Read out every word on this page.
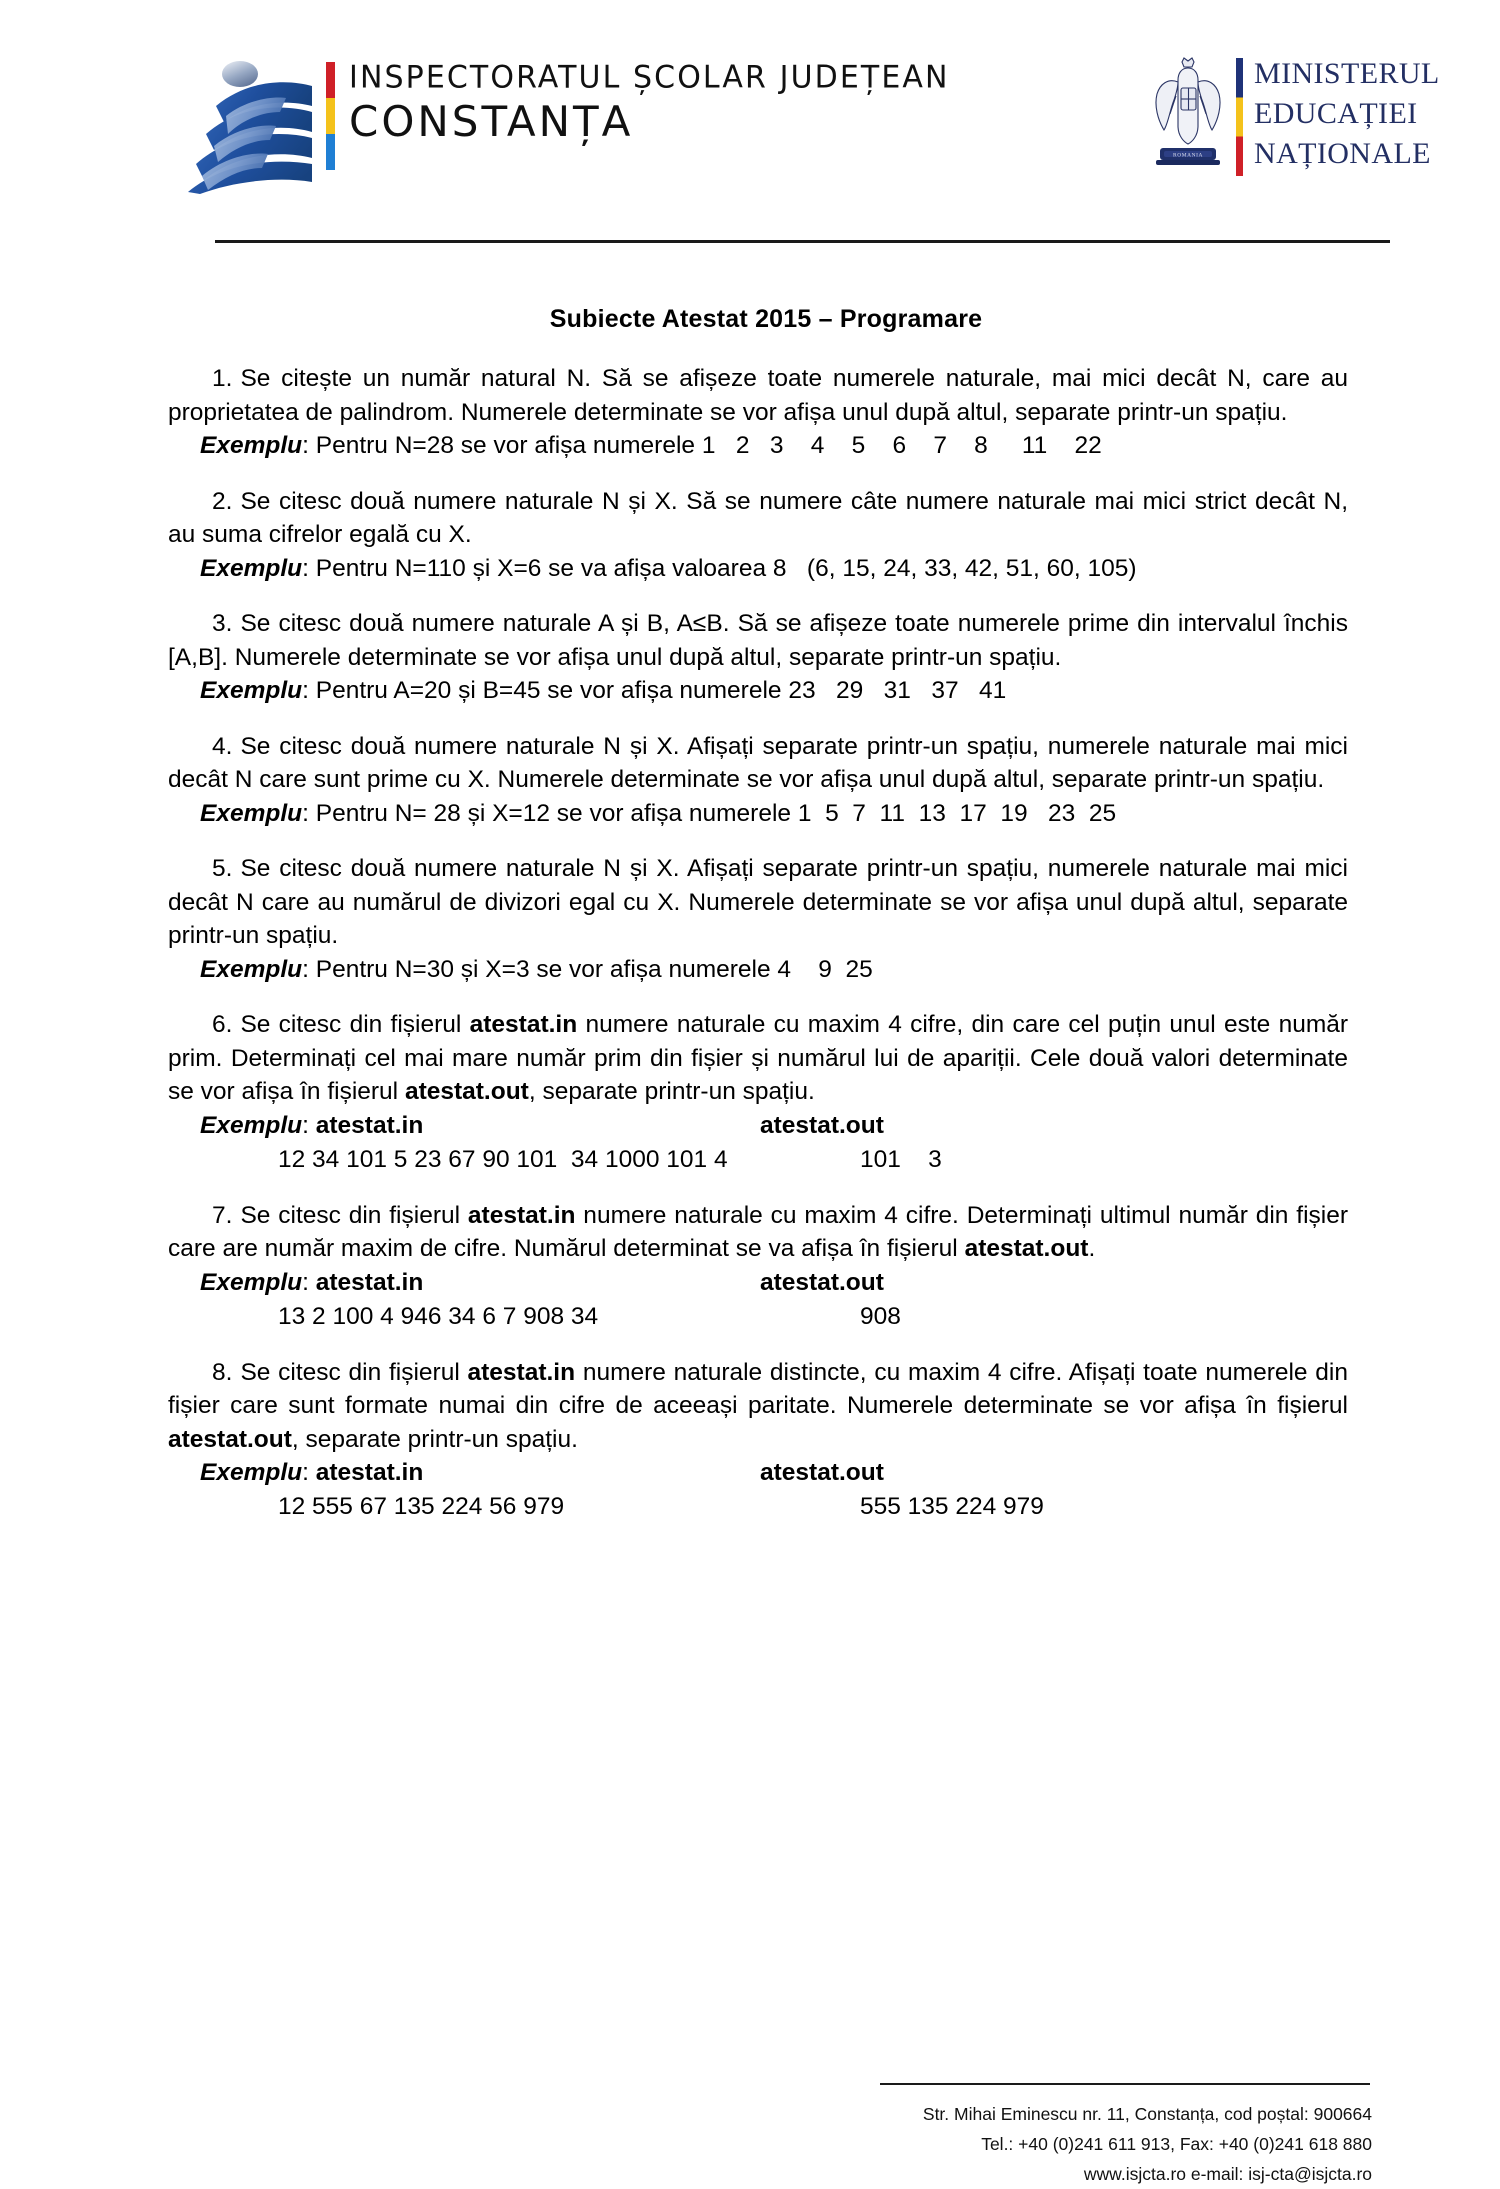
INSPECTORATUL ȘCOLAR JUDEȚEAN
CONSTANȚA
ROMANIA
MINISTERUL
EDUCAȚIEI
NAȚIONALE
Subiecte Atestat 2015 – Programare

1. Se citește un număr natural N. Să se afișeze toate numerele naturale, mai mici decât N, care au proprietatea de palindrom. Numerele determinate se vor afișa unul după altul, separate printr-un spațiu.

Exemplu: Pentru N=28 se vor afișa numerele 1   2   3    4    5    6    7    8     11    22

2. Se citesc două numere naturale N și X. Să se numere câte numere naturale mai mici strict decât N, au suma cifrelor egală cu X.

Exemplu: Pentru N=110 și X=6 se va afișa valoarea 8   (6, 15, 24, 33, 42, 51, 60, 105)

3. Se citesc două numere naturale A și B, A≤B. Să se afișeze toate numerele prime din intervalul închis [A,B]. Numerele determinate se vor afișa unul după altul, separate printr-un spațiu.

Exemplu: Pentru A=20 și B=45 se vor afișa numerele 23   29   31   37   41

4. Se citesc două numere naturale N și X. Afișați separate printr-un spațiu, numerele naturale mai mici decât N care sunt prime cu X. Numerele determinate se vor afișa unul după altul, separate printr-un spațiu.

Exemplu: Pentru N= 28 și X=12 se vor afișa numerele 1  5  7  11  13  17  19   23  25

5. Se citesc două numere naturale N și X. Afișați separate printr-un spațiu, numerele naturale mai mici decât N care au numărul de divizori egal cu X. Numerele determinate se vor afișa unul după altul, separate printr-un spațiu.

Exemplu: Pentru N=30 și X=3 se vor afișa numerele 4    9  25

6. Se citesc din fișierul atestat.in numere naturale cu maxim 4 cifre, din care cel puțin unul este număr prim. Determinați cel mai mare număr prim din fișier și numărul lui de apariții. Cele două valori determinate se vor afișa în fișierul atestat.out, separate printr-un spațiu.

Exemplu: atestat.in	atestat.out
12 34 101 5 23 67 90 101  34 1000 101 4	101    3

7. Se citesc din fișierul atestat.in numere naturale cu maxim 4 cifre. Determinați ultimul număr din fișier care are număr maxim de cifre. Numărul determinat se va afișa în fișierul atestat.out.

Exemplu: atestat.in	atestat.out
13 2 100 4 946 34 6 7 908 34	908

8. Se citesc din fișierul atestat.in numere naturale distincte, cu maxim 4 cifre. Afișați toate numerele din fișier care sunt formate numai din cifre de aceeași paritate. Numerele determinate se vor afișa în fișierul atestat.out, separate printr-un spațiu.

Exemplu: atestat.in	atestat.out
12 555 67 135 224 56 979	555 135 224 979
Str. Mihai Eminescu nr. 11, Constanța, cod poștal: 900664
Tel.: +40 (0)241 611 913, Fax: +40 (0)241 618 880
www.isjcta.ro e-mail: isj-cta@isjcta.ro
